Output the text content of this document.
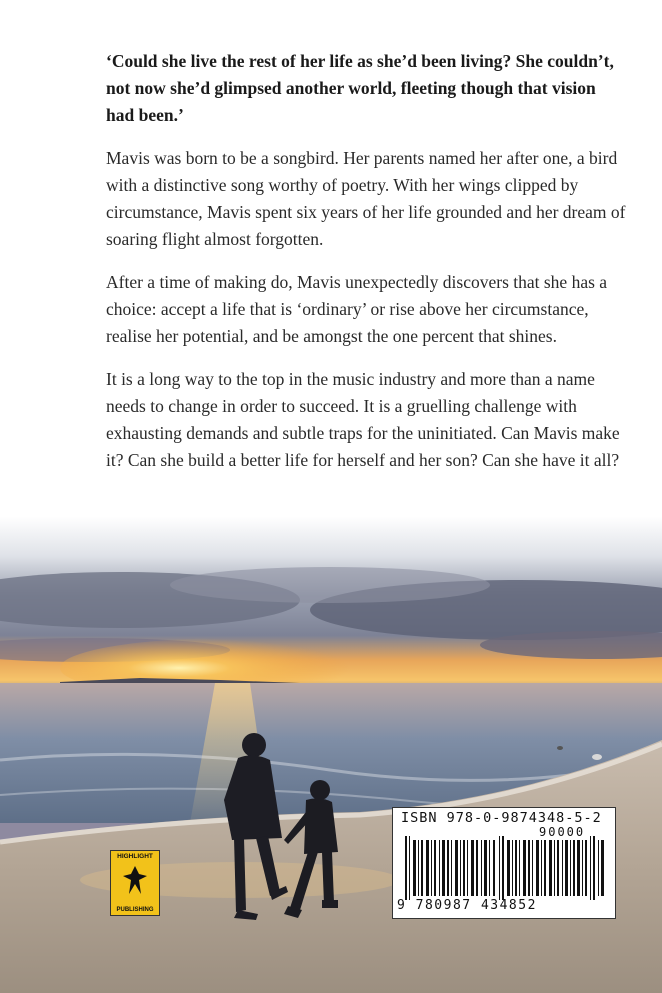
‘Could she live the rest of her life as she’d been living? She couldn’t, not now she’d glimpsed another world, fleeting though that vision had been.’

Mavis was born to be a songbird. Her parents named her after one, a bird with a distinctive song worthy of poetry. With her wings clipped by circumstance, Mavis spent six years of her life grounded and her dream of soaring flight almost forgotten.

After a time of making do, Mavis unexpectedly discovers that she has a choice: accept a life that is ‘ordinary’ or rise above her circumstance, realise her potential, and be amongst the one percent that shines.

It is a long way to the top in the music industry and more than a name needs to change in order to succeed. It is a gruelling challenge with exhausting demands and subtle traps for the uninitiated. Can Mavis make it? Can she build a better life for herself and her son? Can she have it all?

HIGHLIGHT
PUBLISHING
ISBN 978-0-9874348-5-2
90000
9 780987 434852
